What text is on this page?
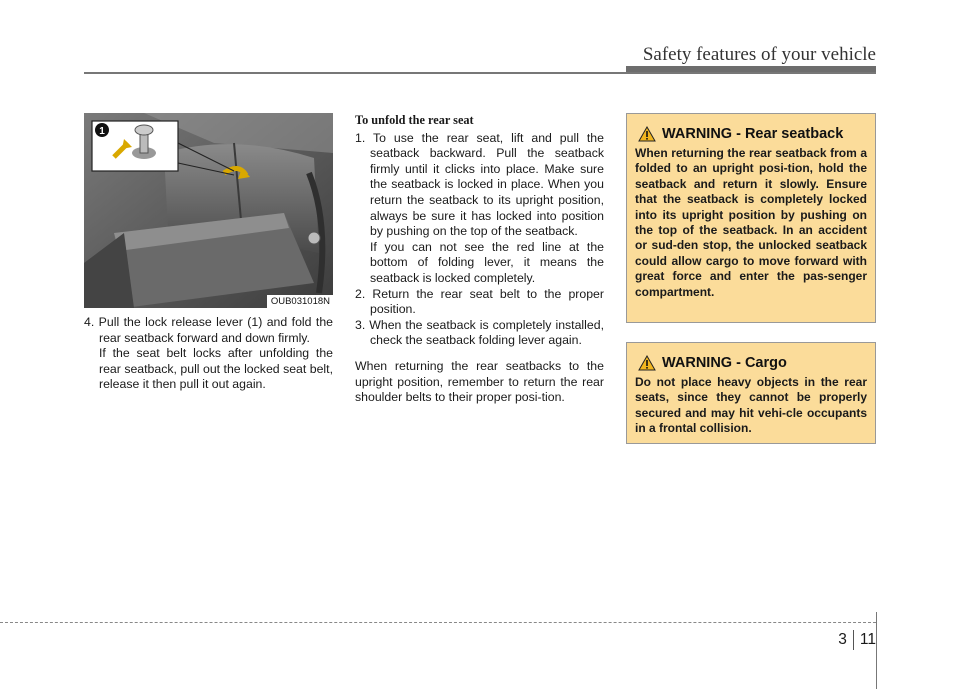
Safety features of your vehicle
1
OUB031018N

4. Pull the lock release lever (1) and fold the rear seatback forward and down firmly.

If the seat belt locks after unfolding the rear seatback, pull out the locked seat belt, release it then pull it out again.

To unfold the rear seat

1. To use the rear seat, lift and pull the seatback backward. Pull the seatback firmly until it clicks into place. Make sure the seatback is locked in place. When you return the seatback to its upright position, always be sure it has locked into position by pushing on the top of the seatback.

If you can not see the red line at the bottom of folding lever, it means the seatback is locked completely.

2. Return the rear seat belt to the proper position.

3. When the seatback is completely installed, check the seatback folding lever again.

When returning the rear seatbacks to the upright position, remember to return the rear shoulder belts to their proper posi-tion.

WARNING - Rear seatback
When returning the rear seatback from a folded to an upright posi-tion, hold the seatback and return it slowly. Ensure that the seatback is completely locked into its upright position by pushing on the top of the seatback. In an accident or sud-den stop, the unlocked seatback could allow cargo to move forward with great force and enter the pas-senger compartment.
WARNING - Cargo
Do not place heavy objects in the rear seats, since they cannot be properly secured and may hit vehi-cle occupants in a frontal collision.
3 11
